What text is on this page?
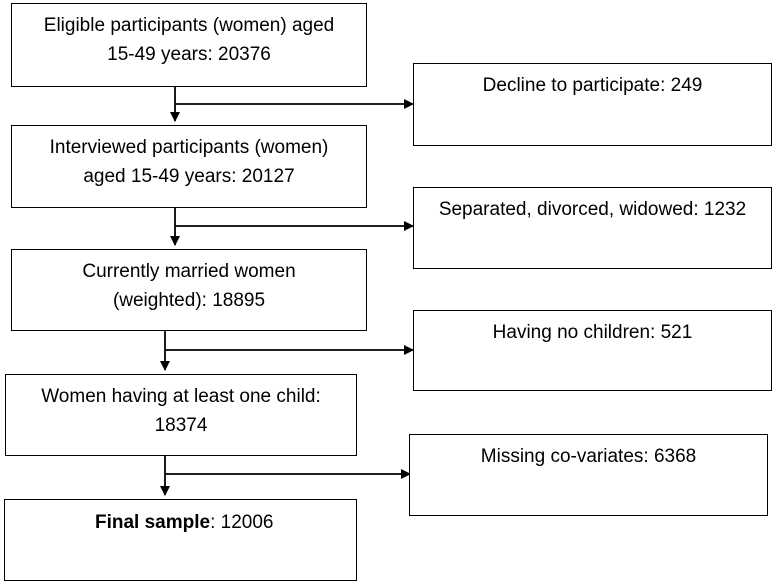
Eligible participants (women) aged
15-49 years: 20376
Interviewed participants (women)
aged 15-49 years: 20127
Currently married women
(weighted): 18895
Women having at least one child:
18374
Final sample: 12006
Decline to participate: 249
Separated, divorced, widowed: 1232
Having no children: 521
Missing co-variates: 6368
